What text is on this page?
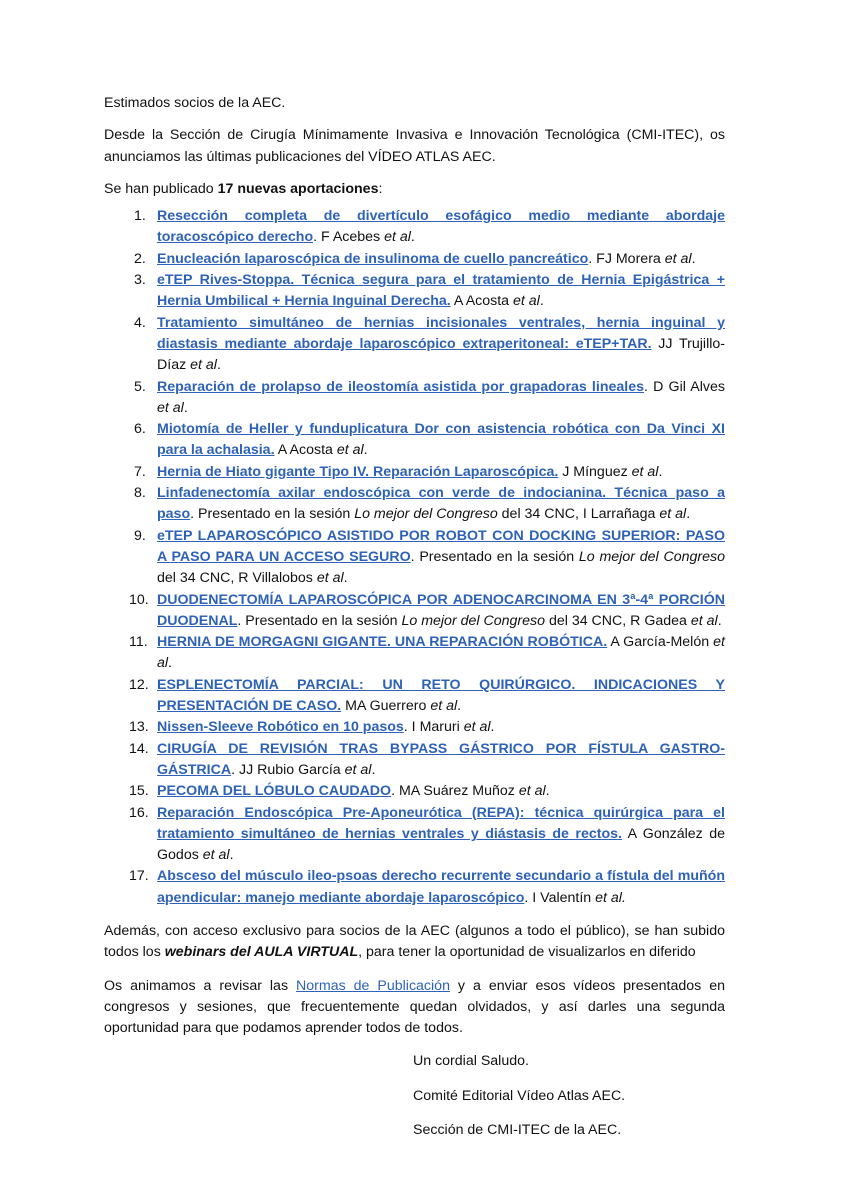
Estimados socios de la AEC.

Desde la Sección de Cirugía Mínimamente Invasiva e Innovación Tecnológica (CMI-ITEC), os anunciamos las últimas publicaciones del VÍDEO ATLAS AEC.

Se han publicado 17 nuevas aportaciones:

1. Resección completa de divertículo esofágico medio mediante abordaje toracoscópico derecho. F Acebes et al.
2. Enucleación laparoscópica de insulinoma de cuello pancreático. FJ Morera et al.
3. eTEP Rives-Stoppa. Técnica segura para el tratamiento de Hernia Epigástrica + Hernia Umbilical + Hernia Inguinal Derecha. A Acosta et al.
4. Tratamiento simultáneo de hernias incisionales ventrales, hernia inguinal y diastasis mediante abordaje laparoscópico extraperitoneal: eTEP+TAR. JJ Trujillo-Díaz et al.
5. Reparación de prolapso de ileostomía asistida por grapadoras lineales. D Gil Alves et al.
6. Miotomía de Heller y funduplicatura Dor con asistencia robótica con Da Vinci XI para la achalasia. A Acosta et al.
7. Hernia de Hiato gigante Tipo IV. Reparación Laparoscópica. J Mínguez et al.
8. Linfadenectomía axilar endoscópica con verde de indocianina. Técnica paso a paso. Presentado en la sesión Lo mejor del Congreso del 34 CNC, I Larrañaga et al.
9. eTEP LAPAROSCÓPICO ASISTIDO POR ROBOT CON DOCKING SUPERIOR: PASO A PASO PARA UN ACCESO SEGURO. Presentado en la sesión Lo mejor del Congreso del 34 CNC, R Villalobos et al.
10. DUODENECTOMÍA LAPAROSCÓPICA POR ADENOCARCINOMA EN 3ª-4ª PORCIÓN DUODENAL. Presentado en la sesión Lo mejor del Congreso del 34 CNC, R Gadea et al.
11. HERNIA DE MORGAGNI GIGANTE. UNA REPARACIÓN ROBÓTICA. A García-Melón et al.
12. ESPLENECTOMÍA PARCIAL: UN RETO QUIRÚRGICO. INDICACIONES Y PRESENTACIÓN DE CASO. MA Guerrero et al.
13. Nissen-Sleeve Robótico en 10 pasos. I Maruri et al.
14. CIRUGÍA DE REVISIÓN TRAS BYPASS GÁSTRICO POR FÍSTULA GASTRO-GÁSTRICA. JJ Rubio García et al.
15. PECOMA DEL LÓBULO CAUDADO. MA Suárez Muñoz et al.
16. Reparación Endoscópica Pre-Aponeurótica (REPA): técnica quirúrgica para el tratamiento simultáneo de hernias ventrales y diástasis de rectos. A González de Godos et al.
17. Absceso del músculo ileo-psoas derecho recurrente secundario a fístula del muñón apendicular: manejo mediante abordaje laparoscópico. I Valentín et al.

Además, con acceso exclusivo para socios de la AEC (algunos a todo el público), se han subido todos los webinars del AULA VIRTUAL, para tener la oportunidad de visualizarlos en diferido

Os animamos a revisar las Normas de Publicación y a enviar esos vídeos presentados en congresos y sesiones, que frecuentemente quedan olvidados, y así darles una segunda oportunidad para que podamos aprender todos de todos.

Un cordial Saludo.
Comité Editorial Vídeo Atlas AEC.
Sección de CMI-ITEC de la AEC.
